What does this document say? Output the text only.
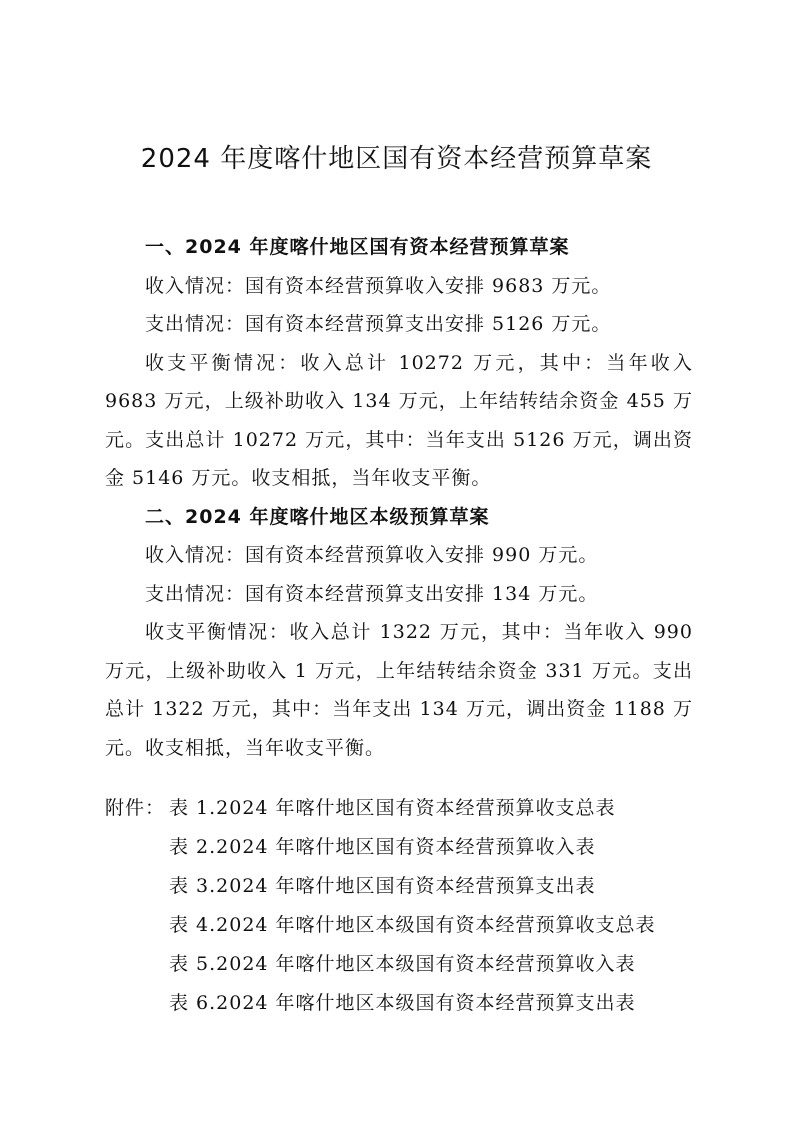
2024 年度喀什地区国有资本经营预算草案

一、2024 年度喀什地区国有资本经营预算草案

收入情况：国有资本经营预算收入安排 9683 万元。

支出情况：国有资本经营预算支出安排 5126 万元。

收支平衡情况：收入总计 10272 万元，其中：当年收入 9683 万元，上级补助收入 134 万元，上年结转结余资金 455 万元。支出总计 10272 万元，其中：当年支出 5126 万元，调出资金 5146 万元。收支相抵，当年收支平衡。

二、2024 年度喀什地区本级预算草案

收入情况：国有资本经营预算收入安排 990 万元。

支出情况：国有资本经营预算支出安排 134 万元。

收支平衡情况：收入总计 1322 万元，其中：当年收入 990 万元，上级补助收入 1 万元，上年结转结余资金 331 万元。支出总计 1322 万元，其中：当年支出 134 万元，调出资金 1188 万元。收支相抵，当年收支平衡。

附件： 表 1.2024 年喀什地区国有资本经营预算收支总表
表 2.2024 年喀什地区国有资本经营预算收入表
表 3.2024 年喀什地区国有资本经营预算支出表
表 4.2024 年喀什地区本级国有资本经营预算收支总表
表 5.2024 年喀什地区本级国有资本经营预算收入表
表 6.2024 年喀什地区本级国有资本经营预算支出表
